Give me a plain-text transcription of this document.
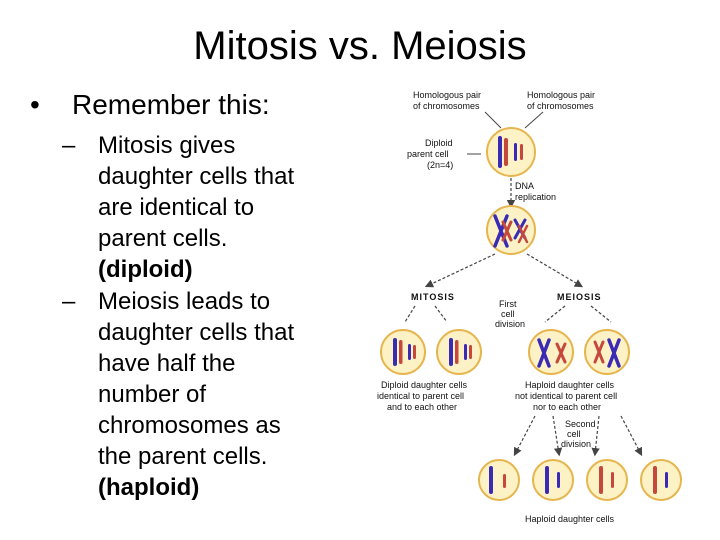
Mitosis vs. Meiosis
• Remember this:
– Mitosis gives
daughter cells that
are identical to
parent cells.
(diploid)
– Meiosis leads to
daughter cells that
have half the
number of
chromosomes as
the parent cells.
(haploid)
Homologous pair
of chromosomes
Homologous pair
of chromosomes
Diploid
parent cell
(2n=4)
DNA
replication
MITOSIS	MEIOSIS
First
cell
division
Diploid daughter cells
identical to parent cell
and to each other
Haploid daughter cells
not identical to parent cell
nor to each other
Second
cell
division
Haploid daughter cells
